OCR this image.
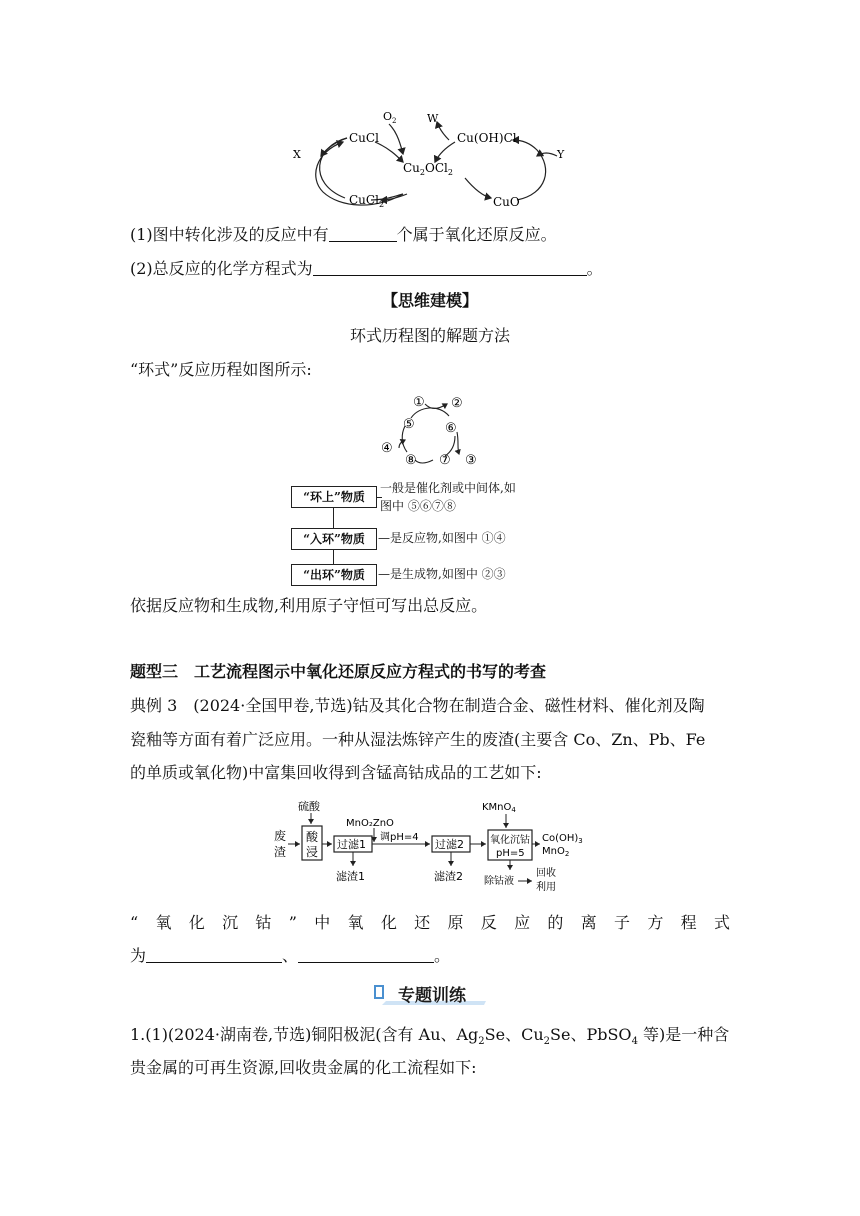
CuCl	Cu(OH)Cl
$Cu_2OCl_2$
CuCl$_2$	CuO
$O_2$	W
X	Y
(1)图中转化涉及的反应中有	个属于氧化还原反应。
(2)总反应的化学方程式为	。
【思维建模】
环式历程图的解题方法
“环式”反应历程如图所示:
① ②
⑤ ⑥
④
⑧ ⑦ ③
“环上”物质
一般是催化剂或中间体,如
图中 ⑤⑥⑦⑧
“入环”物质	—是反应物,如图中 ①④
“出环”物质	—是生成物,如图中 ②③
依据反应物和生成物,利用原子守恒可写出总反应。
题型三　工艺流程图示中氧化还原反应方程式的书写的考查
典例 3　(2024·全国甲卷,节选)钴及其化合物在制造合金、磁性材料、催化剂及陶
瓷釉等方面有着广泛应用。一种从湿法炼锌产生的废渣(主要含 Co、Zn、Pb、Fe
的单质或氧化物)中富集回收得到含锰高钴成品的工艺如下:
废
渣
硫酸
酸
浸
过滤1
MnO₂ZnO
调pH=4
滤渣1
过滤2
滤渣2
KMnO$_4$
氧化沉钴
pH=5
$Co(OH)_3$
MnO$_2$
除钴液
回收
利用
“ 氧 化 沉 钴 ” 中 氧 化 还 原 反 应 的 离 子 方 程 式
为	、	。
专题训练
1.(1)(2024·湖南卷,节选)铜阳极泥(含有 Au、$Ag_2Se$、$Cu_2Se$、PbSO$_4$ 等)是一种含
贵金属的可再生资源,回收贵金属的化工流程如下:
